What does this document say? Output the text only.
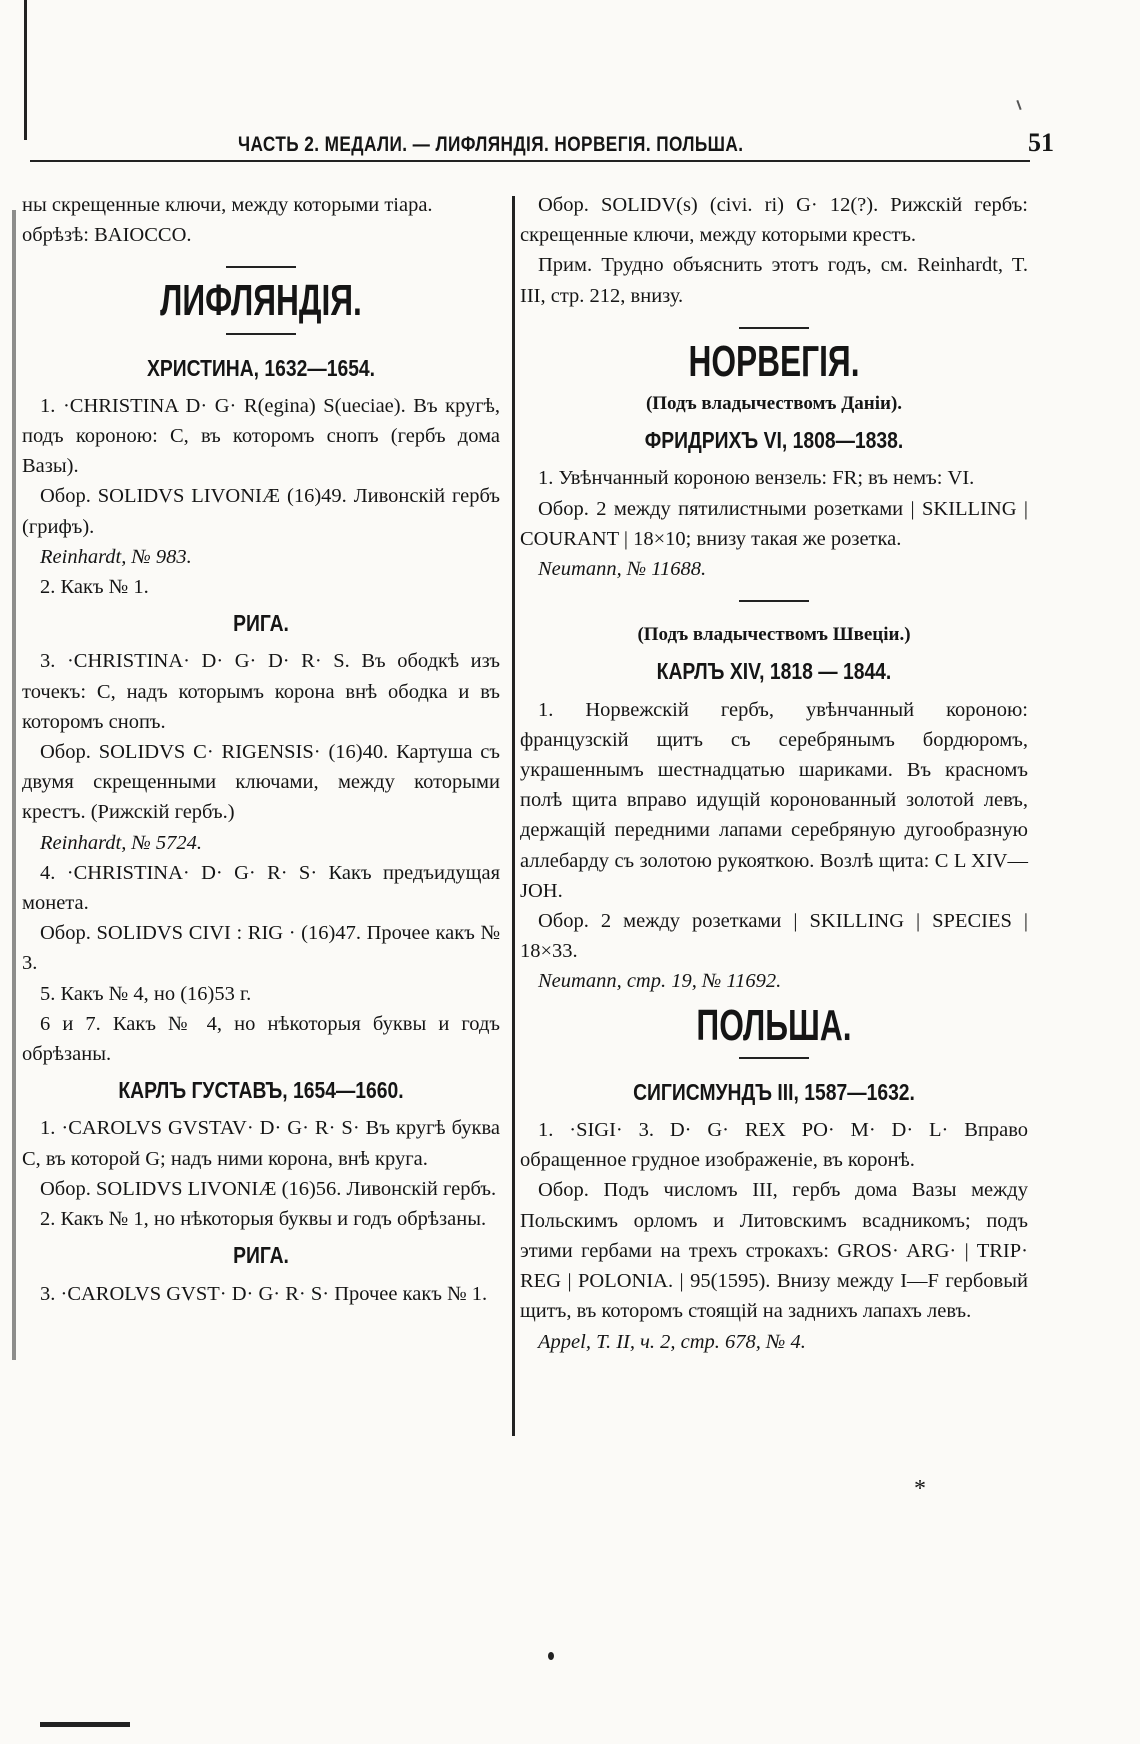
ЧАСТЬ 2. МЕДАЛИ. — ЛИФЛЯНДІЯ. НОРВЕГІЯ. ПОЛЬША.	51

ны скрещенные ключи, между которыми тіара.

обрѣзѣ: BAIOCCO.

ЛИФЛЯНДІЯ.
ХРИСТИНА, 1632—1654.

1. ·CHRISTINA D· G· R(egina) S(ueciae). Въ кругѣ, подъ короною: C, въ которомъ снопъ (гербъ дома Вазы).

Обор. SOLIDVS LIVONIÆ (16)49. Ливонскій гербъ (грифъ).

Reinhardt, № 983.

2. Какъ № 1.

РИГА.

3. ·CHRISTINA· D· G· D· R· S. Въ ободкѣ изъ точекъ: C, надъ которымъ корона внѣ ободка и въ которомъ снопъ.

Обор. SOLIDVS C· RIGENSIS· (16)40. Картуша съ двумя скрещенными ключами, между которыми крестъ. (Рижскій гербъ.)

Reinhardt, № 5724.

4. ·CHRISTINA· D· G· R· S· Какъ предъидущая монета.

Обор. SOLIDVS CIVI : RIG · (16)47. Прочее какъ № 3.

5. Какъ № 4, но (16)53 г.

6 и 7. Какъ № 4, но нѣкоторыя буквы и годъ обрѣзаны.

КАРЛЪ ГУСТАВЪ, 1654—1660.

1. ·CAROLVS GVSTAV· D· G· R· S· Въ кругѣ буква C, въ которой G; надъ ними корона, внѣ круга.

Обор. SOLIDVS LIVONIÆ (16)56. Ливонскій гербъ.

2. Какъ № 1, но нѣкоторыя буквы и годъ обрѣзаны.

РИГА.

3. ·CAROLVS GVST· D· G· R· S· Прочее какъ № 1.

Обор. SOLIDV(s) (civi. ri) G· 12(?). Рижскій гербъ: скрещенные ключи, между которыми крестъ.

Прим. Трудно объяснить этотъ годъ, см. Reinhardt, T. III, стр. 212, внизу.

НОРВЕГІЯ.
(Подъ владычествомъ Даніи).
ФРИДРИХЪ VI, 1808—1838.

1. Увѣнчанный короною вензель: FR; въ немъ: VI.

Обор. 2 между пятилистными розетками | SKILLING | COURANT | 18×10; внизу такая же розетка.

Neumann, № 11688.

(Подъ владычествомъ Швеціи.)
КАРЛЪ XIV, 1818 — 1844.

1. Норвежскій гербъ, увѣнчанный короною: французскій щитъ съ серебрянымъ бордюромъ, украшеннымъ шестнадцатью шариками. Въ красномъ полѣ щита вправо идущій коронованный золотой левъ, держащій передними лапами серебряную дугообразную аллебарду съ золотою рукояткою. Возлѣ щита: C L XIV—JOH.

Обор. 2 между розетками | SKILLING | SPECIES | 18×33.

Neumann, стр. 19, № 11692.

ПОЛЬША.
СИГИСМУНДЪ III, 1587—1632.

1. ·SIGI· 3. D· G· REX PO· M· D· L· Вправо обращенное грудное изображеніе, въ коронѣ.

Обор. Подъ числомъ III, гербъ дома Вазы между Польскимъ орломъ и Литовскимъ всадникомъ; подъ этими гербами на трехъ строкахъ: GROS· ARG· | TRIP· REG | POLONIA. | 95(1595). Внизу между I—F гербовый щитъ, въ которомъ стоящій на заднихъ лапахъ левъ.

Appel, T. II, ч. 2, стр. 678, № 4.

*
